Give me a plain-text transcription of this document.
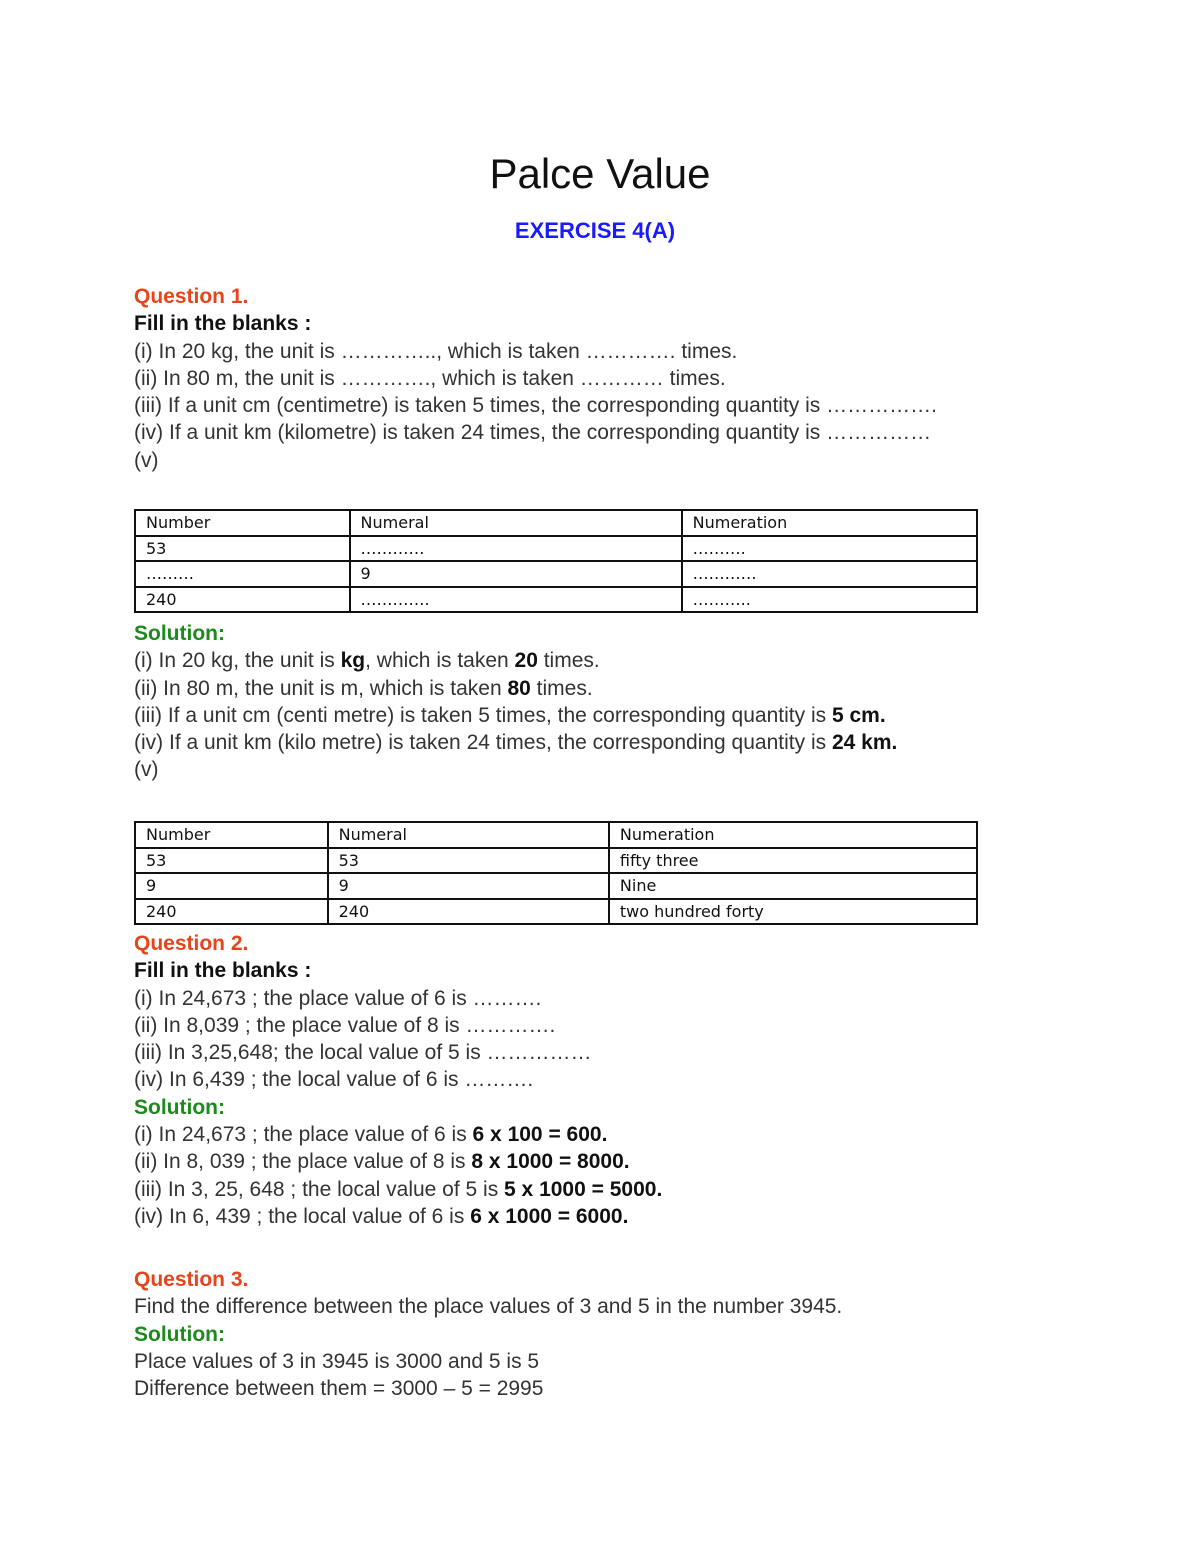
Palce Value
EXERCISE 4(A)
Question 1.
Fill in the blanks :
(i) In 20 kg, the unit is ………….., which is taken …………. times.
(ii) In 80 m, the unit is …………., which is taken ………… times.
(iii) If a unit cm (centimetre) is taken 5 times, the corresponding quantity is …………….
(iv) If a unit km (kilometre) is taken 24 times, the corresponding quantity is ……………
(v)
Number	Numeral	Numeration
53	…………	……….
………	9	…………
240	………….	………..
Solution:
(i) In 20 kg, the unit is kg, which is taken 20 times.
(ii) In 80 m, the unit is m, which is taken 80 times.
(iii) If a unit cm (centi metre) is taken 5 times, the corresponding quantity is 5 cm.
(iv) If a unit km (kilo metre) is taken 24 times, the corresponding quantity is 24 km.
(v)
Number	Numeral	Numeration
53	53	fifty three
9	9	Nine
240	240	two hundred forty
Question 2.
Fill in the blanks :
(i) In 24,673 ; the place value of 6 is ……….
(ii) In 8,039 ; the place value of 8 is ………….
(iii) In 3,25,648; the local value of 5 is ……………
(iv) In 6,439 ; the local value of 6 is ……….
Solution:
(i) In 24,673 ; the place value of 6 is 6 x 100 = 600.
(ii) In 8, 039 ; the place value of 8 is 8 x 1000 = 8000.
(iii) In 3, 25, 648 ; the local value of 5 is 5 x 1000 = 5000.
(iv) In 6, 439 ; the local value of 6 is 6 x 1000 = 6000.
Question 3.
Find the difference between the place values of 3 and 5 in the number 3945.
Solution:
Place values of 3 in 3945 is 3000 and 5 is 5
Difference between them = 3000 – 5 = 2995
